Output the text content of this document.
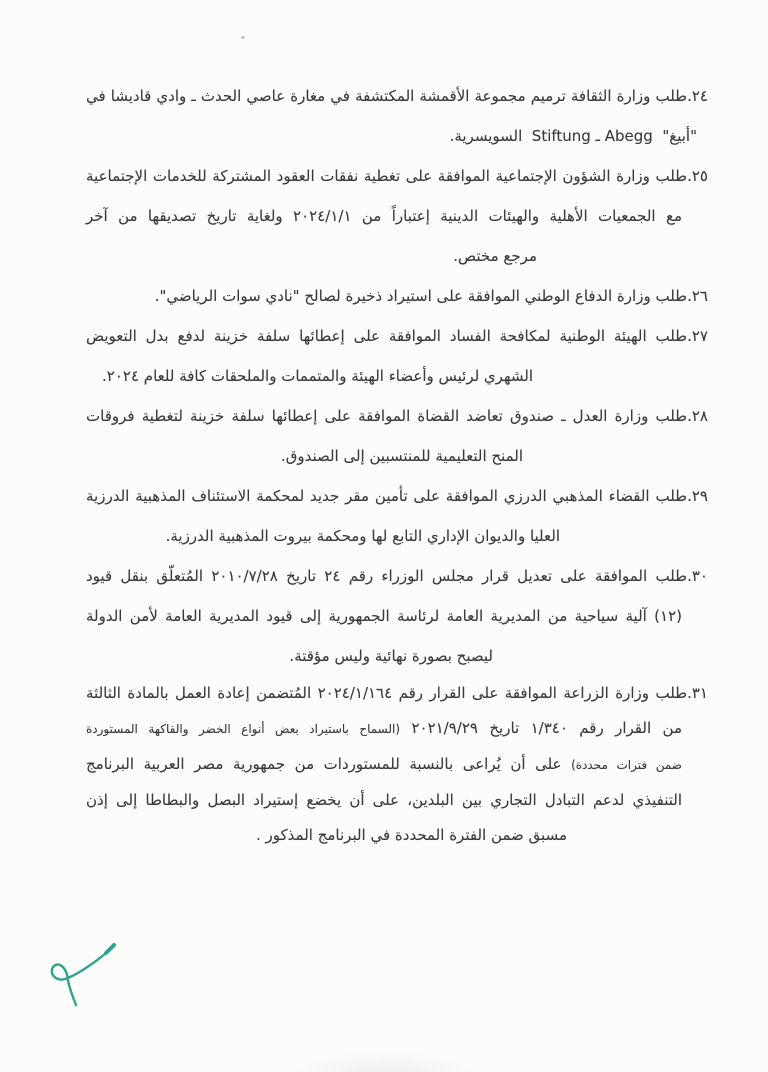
٢٤.طلب وزارة الثقافة ترميم مجموعة الأقمشة المكتشفة في مغارة عاصي الحدث ـ وادي قاديشا في
"أبيغ"  Abegg ـ Stiftung  السويسرية.

٢٥.طلب وزارة الشؤون الإجتماعية الموافقة على تغطية نفقات العقود المشتركة للخدمات الإجتماعية
مع الجمعيات الأهلية والهيئات الدينية إعتباراً من ٢٠٢٤/١/١ ولغاية تاريخ تصديقها من آخر
مرجع مختص.

٢٦.طلب وزارة الدفاع الوطني الموافقة على استيراد ذخيرة لصالح "نادي سوات الرياضي".

٢٧.طلب الهيئة الوطنية لمكافحة الفساد الموافقة على إعطائها سلفة خزينة لدفع بدل التعويض
الشهري لرئيس وأعضاء الهيئة والمتممات والملحقات كافة للعام ٢٠٢٤.

٢٨.طلب وزارة العدل ـ صندوق تعاضد القضاة الموافقة على إعطائها سلفة خزينة لتغطية فروقات
المنح التعليمية للمنتسبين إلى الصندوق.

٢٩.طلب القضاء المذهبي الدرزي الموافقة على تأمين مقر جديد لمحكمة الاستئناف المذهبية الدرزية
العليا والديوان الإداري التابع لها ومحكمة بيروت المذهبية الدرزية.

٣٠.طلب الموافقة على تعديل قرار مجلس الوزراء رقم ٢٤ تاريخ ٢٠١٠/٧/٢٨ المُتعلّق بنقل قيود
(١٢) آلية سياحية من المديرية العامة لرئاسة الجمهورية إلى قيود المديرية العامة لأمن الدولة
ليصبح بصورة نهائية وليس مؤقتة.

٣١.طلب وزارة الزراعة الموافقة على القرار رقم ٢٠٢٤/١/١٦٤ المُتضمن إعادة العمل بالمادة الثالثة
من القرار رقم ١/٣٤٠ تاريخ ٢٠٢١/٩/٢٩ (السماح باستيراد بعض أنواع الخضر والفاكهة المستوردة
ضمن فترات محددة) على أن يُراعى بالنسبة للمستوردات من جمهورية مصر العربية البرنامج
التنفيذي لدعم التبادل التجاري بين البلدين، على أن يخضع إستيراد البصل والبطاطا إلى إذن
مسبق ضمن الفترة المحددة في البرنامج المذكور .
